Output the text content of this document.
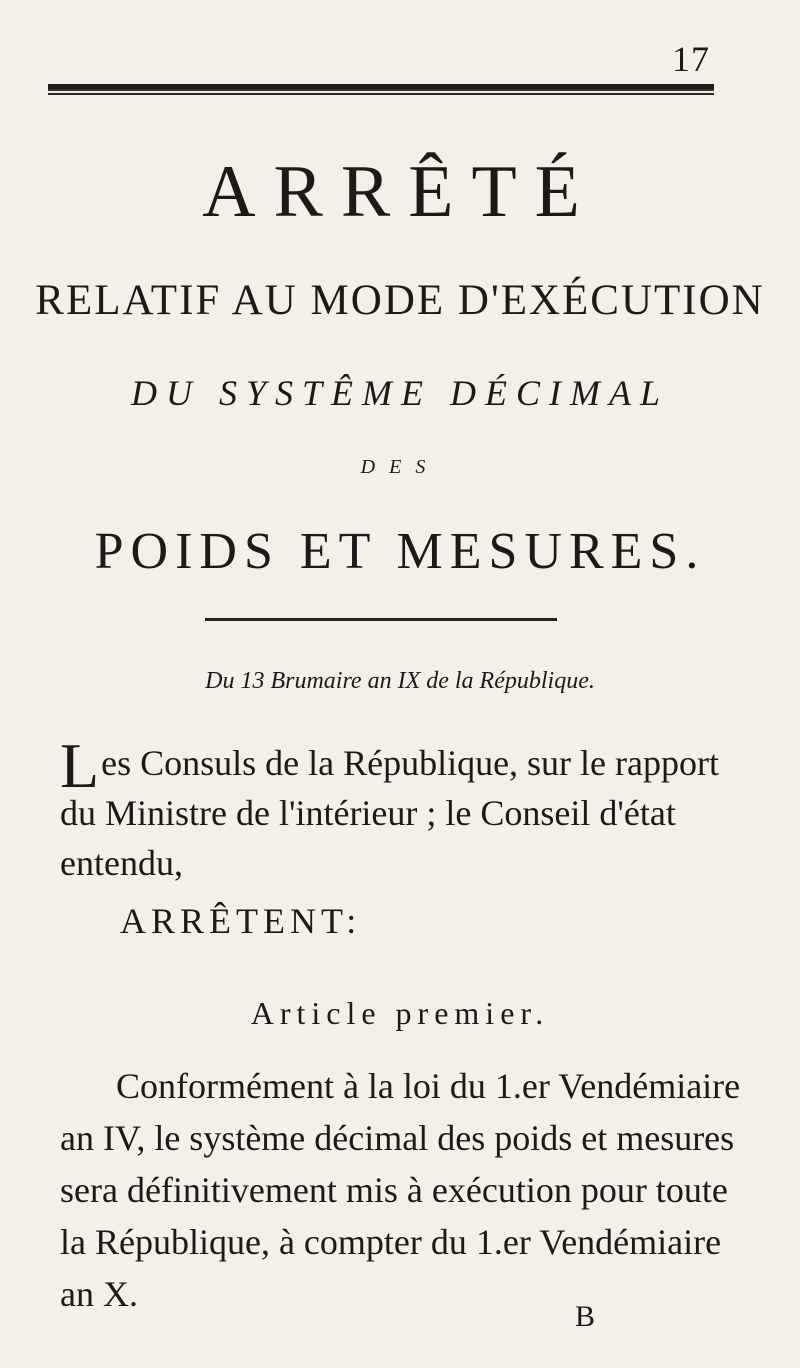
17
ARRÊTÉ
RELATIF AU MODE D'EXÉCUTION
DU SYSTÊME DÉCIMAL
DES
POIDS ET MESURES.
Du 13 Brumaire an IX de la République.
Les Consuls de la République, sur le rapport du Ministre de l'intérieur ; le Conseil d'état entendu,
ARRÊTENT:
Article premier.
Conformément à la loi du 1.er Vendémiaire an IV, le système décimal des poids et mesures sera définitivement mis à exécution pour toute la République, à compter du 1.er Vendémiaire an X.
B
